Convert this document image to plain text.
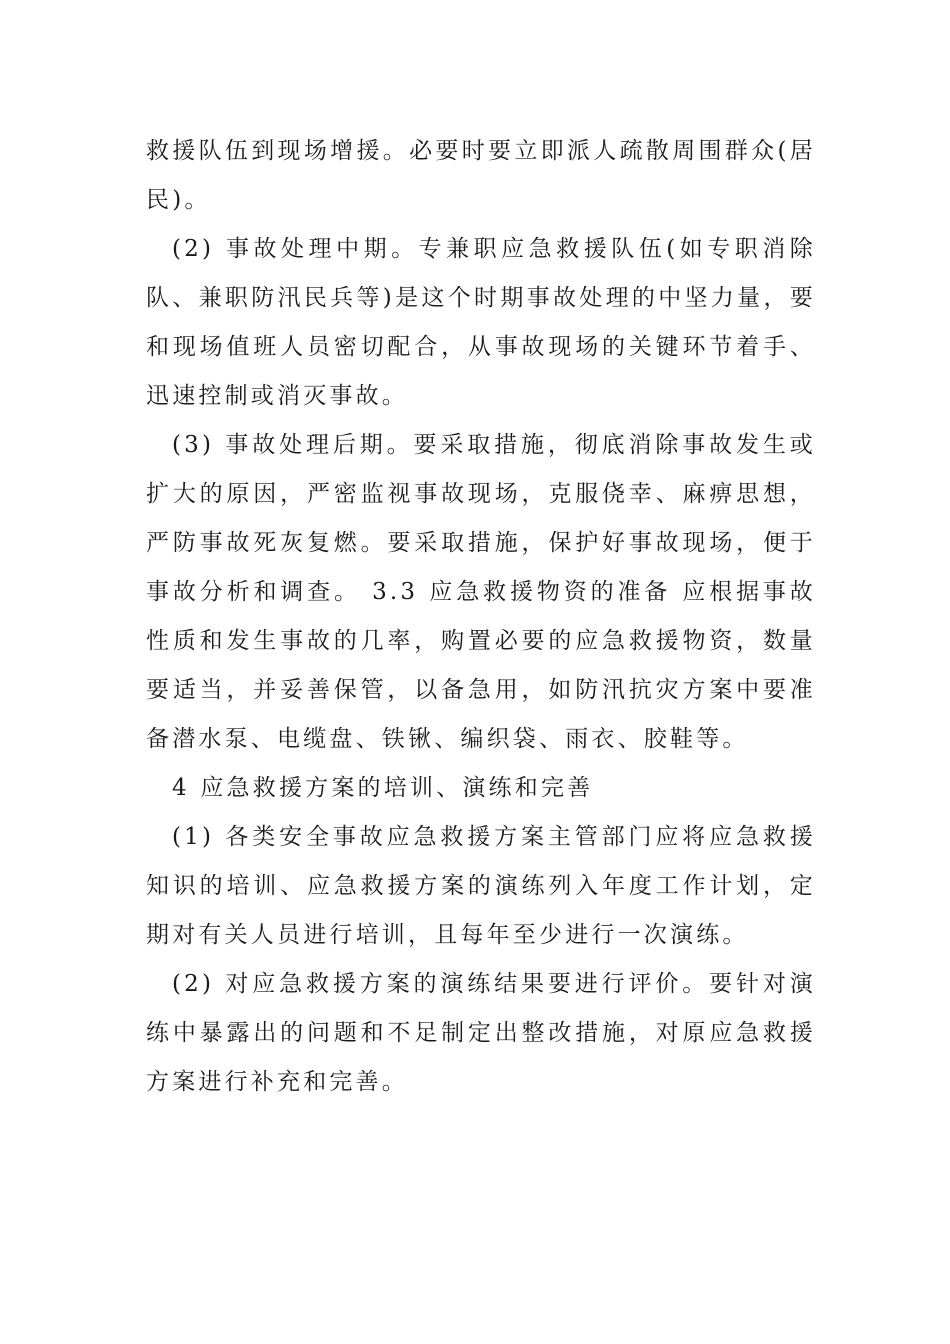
救援队伍到现场增援。必要时要立即派人疏散周围群众(居民)。

(2) 事故处理中期。专兼职应急救援队伍(如专职消除队、兼职防汛民兵等)是这个时期事故处理的中坚力量，要和现场值班人员密切配合，从事故现场的关键环节着手、迅速控制或消灭事故。

(3) 事故处理后期。要采取措施，彻底消除事故发生或扩大的原因，严密监视事故现场，克服侥幸、麻痹思想，严防事故死灰复燃。要采取措施，保护好事故现场，便于事故分析和调查。 3.3 应急救援物资的准备 应根据事故性质和发生事故的几率，购置必要的应急救援物资，数量要适当，并妥善保管，以备急用，如防汛抗灾方案中要准备潜水泵、电缆盘、铁锹、编织袋、雨衣、胶鞋等。

4 应急救援方案的培训、演练和完善

(1) 各类安全事故应急救援方案主管部门应将应急救援知识的培训、应急救援方案的演练列入年度工作计划，定期对有关人员进行培训，且每年至少进行一次演练。

(2) 对应急救援方案的演练结果要进行评价。要针对演练中暴露出的问题和不足制定出整改措施，对原应急救援方案进行补充和完善。
